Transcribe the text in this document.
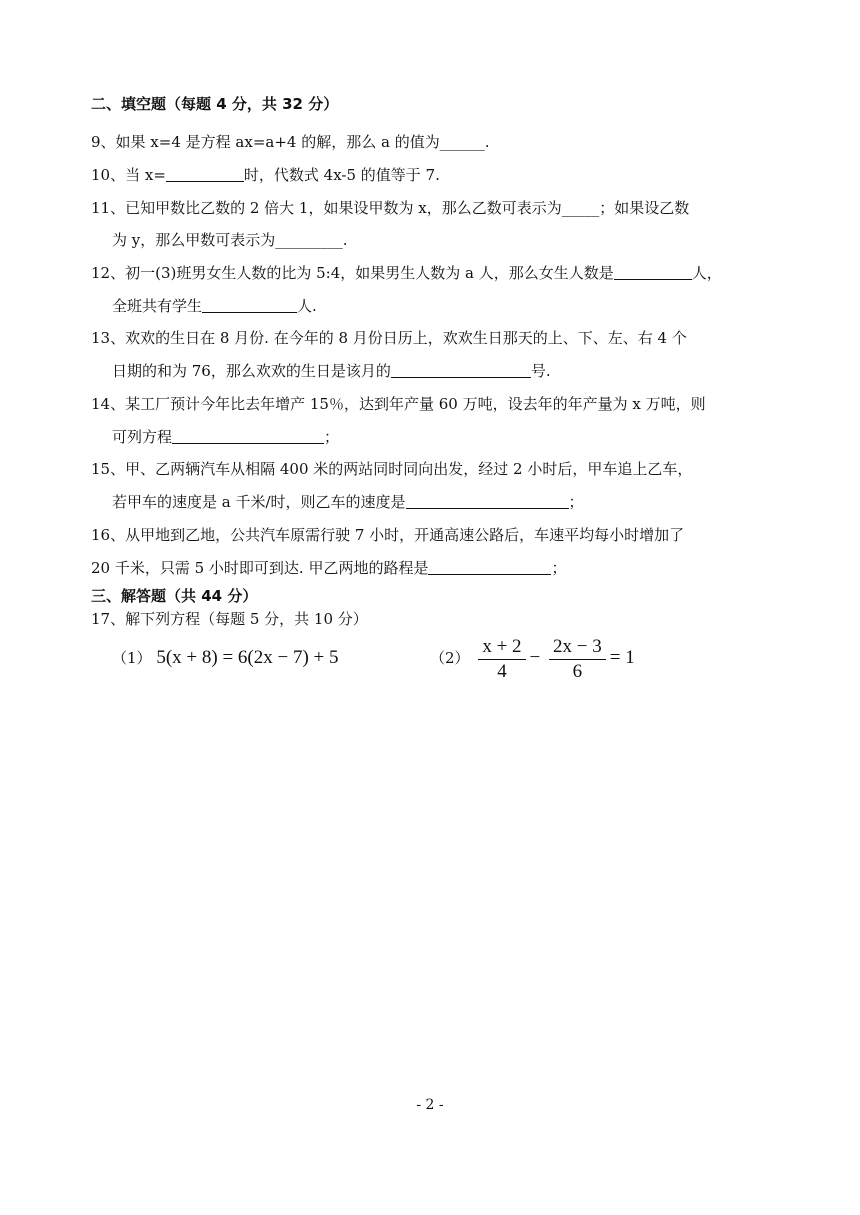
二、填空题（每题 4 分，共 32 分）
9、如果 x=4 是方程 ax=a+4 的解，那么 a 的值为______.
10、当 x=	时，代数式 4x-5 的值等于 7.
11、已知甲数比乙数的 2 倍大 1，如果设甲数为 x，那么乙数可表示为_____；如果设乙数
为 y，那么甲数可表示为_________.
12、初一(3)班男女生人数的比为 5:4，如果男生人数为 a 人，那么女生人数是	人，
全班共有学生	人.
13、欢欢的生日在 8 月份. 在今年的 8 月份日历上，欢欢生日那天的上、下、左、右 4 个
日期的和为 76，那么欢欢的生日是该月的	号.
14、某工厂预计今年比去年增产 15％，达到年产量 60 万吨，设去年的年产量为 x 万吨，则
可列方程	；
15、甲、乙两辆汽车从相隔 400 米的两站同时同向出发，经过 2 小时后，甲车追上乙车，
若甲车的速度是 a 千米/时，则乙车的速度是	；
16、从甲地到乙地，公共汽车原需行驶 7 小时，开通高速公路后，车速平均每小时增加了
20 千米，只需 5 小时即可到达. 甲乙两地的路程是	；
三、解答题（共 44 分）
17、解下列方程（每题 5 分，共 10 分）
（1） 5(x + 8) = 6(2x − 7) + 5	$(2) \frac{x + 2}{4} - \frac{2x - 3}{6} = 1$
- 2 -
